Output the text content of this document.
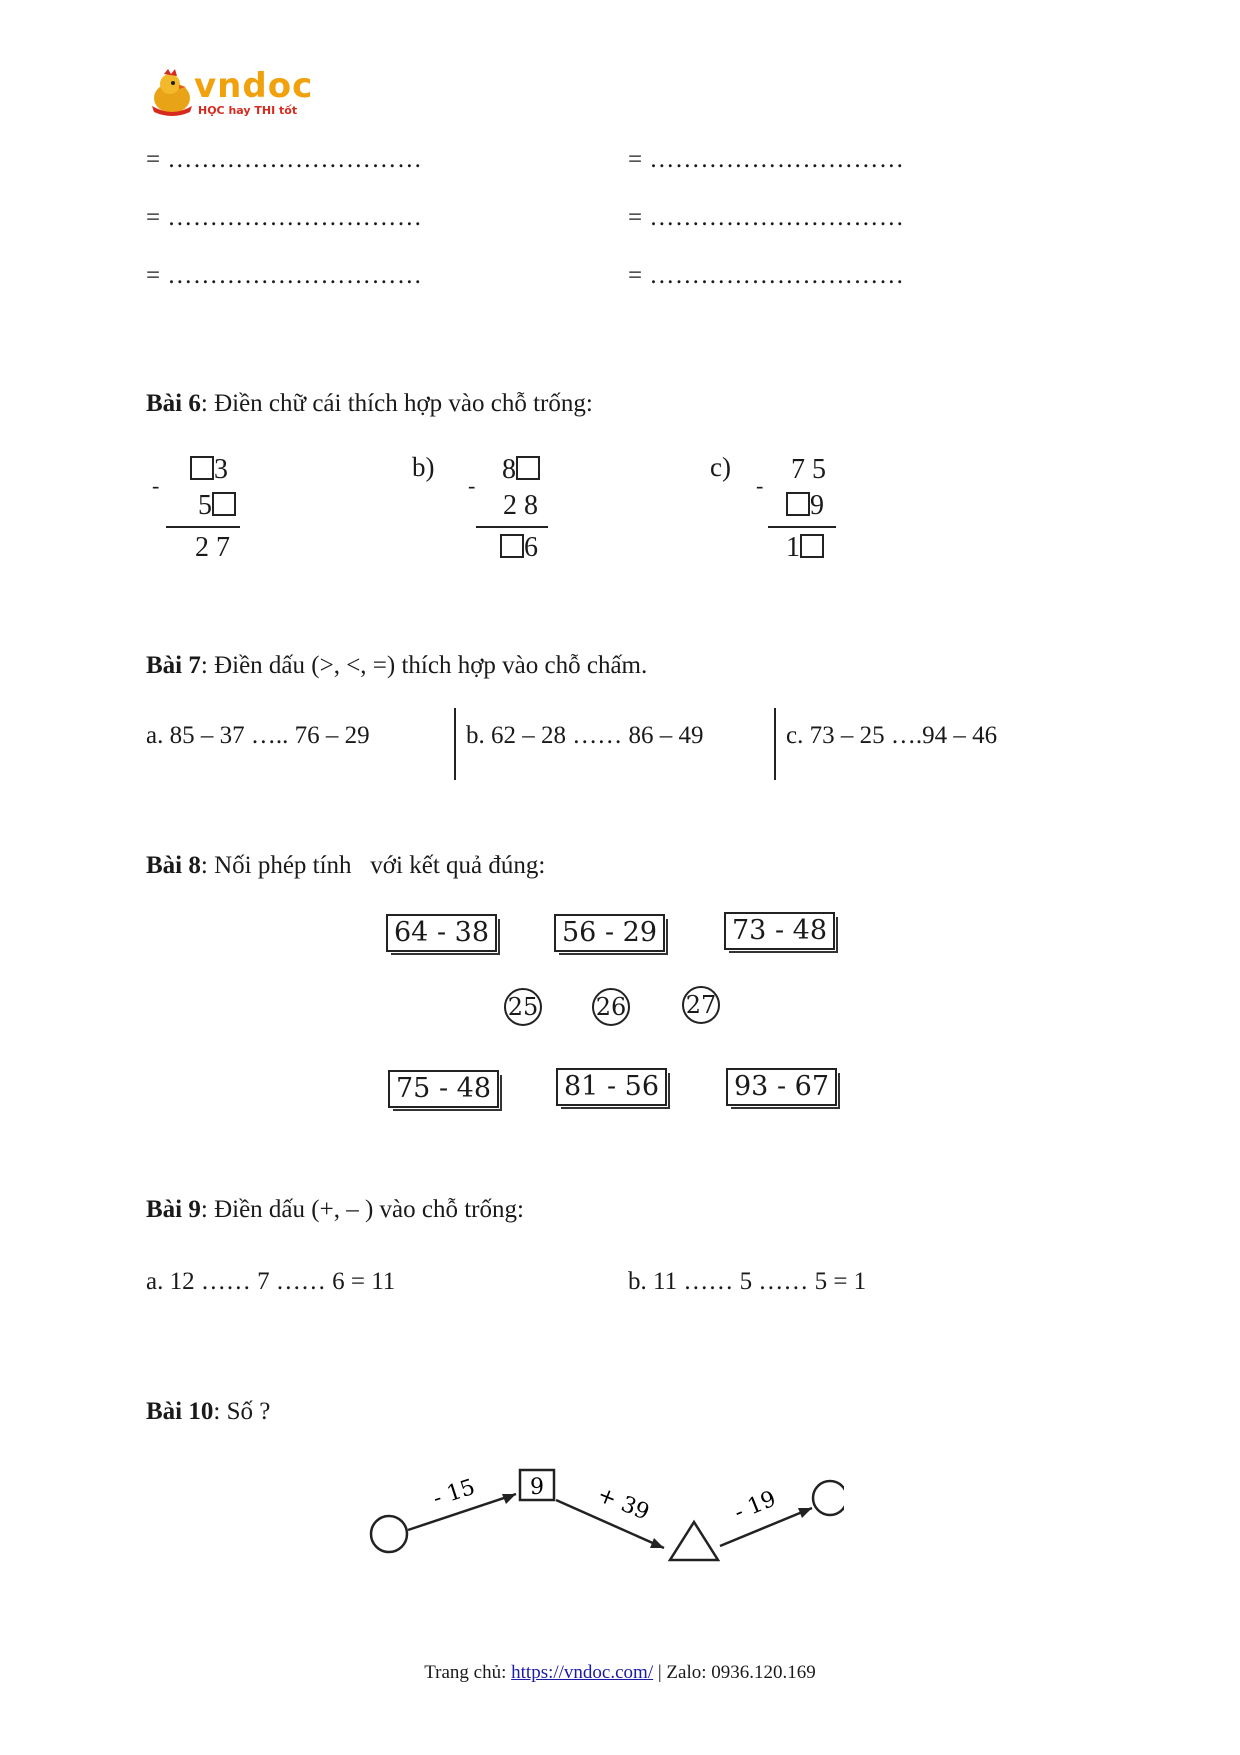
vndoc
HỌC hay THI tốt
= …………………………	= …………………………
= …………………………	= …………………………
= …………………………	= …………………………
Bài 6: Điền chữ cái thích hợp vào chỗ trống:
-
3
5
2 7
b)
-
8
2 8
6
c)
-
7 5
9
1
Bài 7: Điền dấu (>, <, =) thích hợp vào chỗ chấm.
a. 85 – 37 ….. 76 – 29	b. 62 – 28 …… 86 – 49	c. 73 – 25 ….94 – 46
Bài 8: Nối phép tính   với kết quả đúng:
64 - 38	56 - 29	73 - 48
25 26 27
75 - 48	81 - 56	93 - 67
Bài 9: Điền dấu (+, – ) vào chỗ trống:
a. 12 …… 7 …… 6 = 11	b. 11 …… 5 …… 5 = 1
Bài 10: Số ?
9
- 15	+ 39	- 19
Trang chủ: https://vndoc.com/ | Zalo: 0936.120.169
